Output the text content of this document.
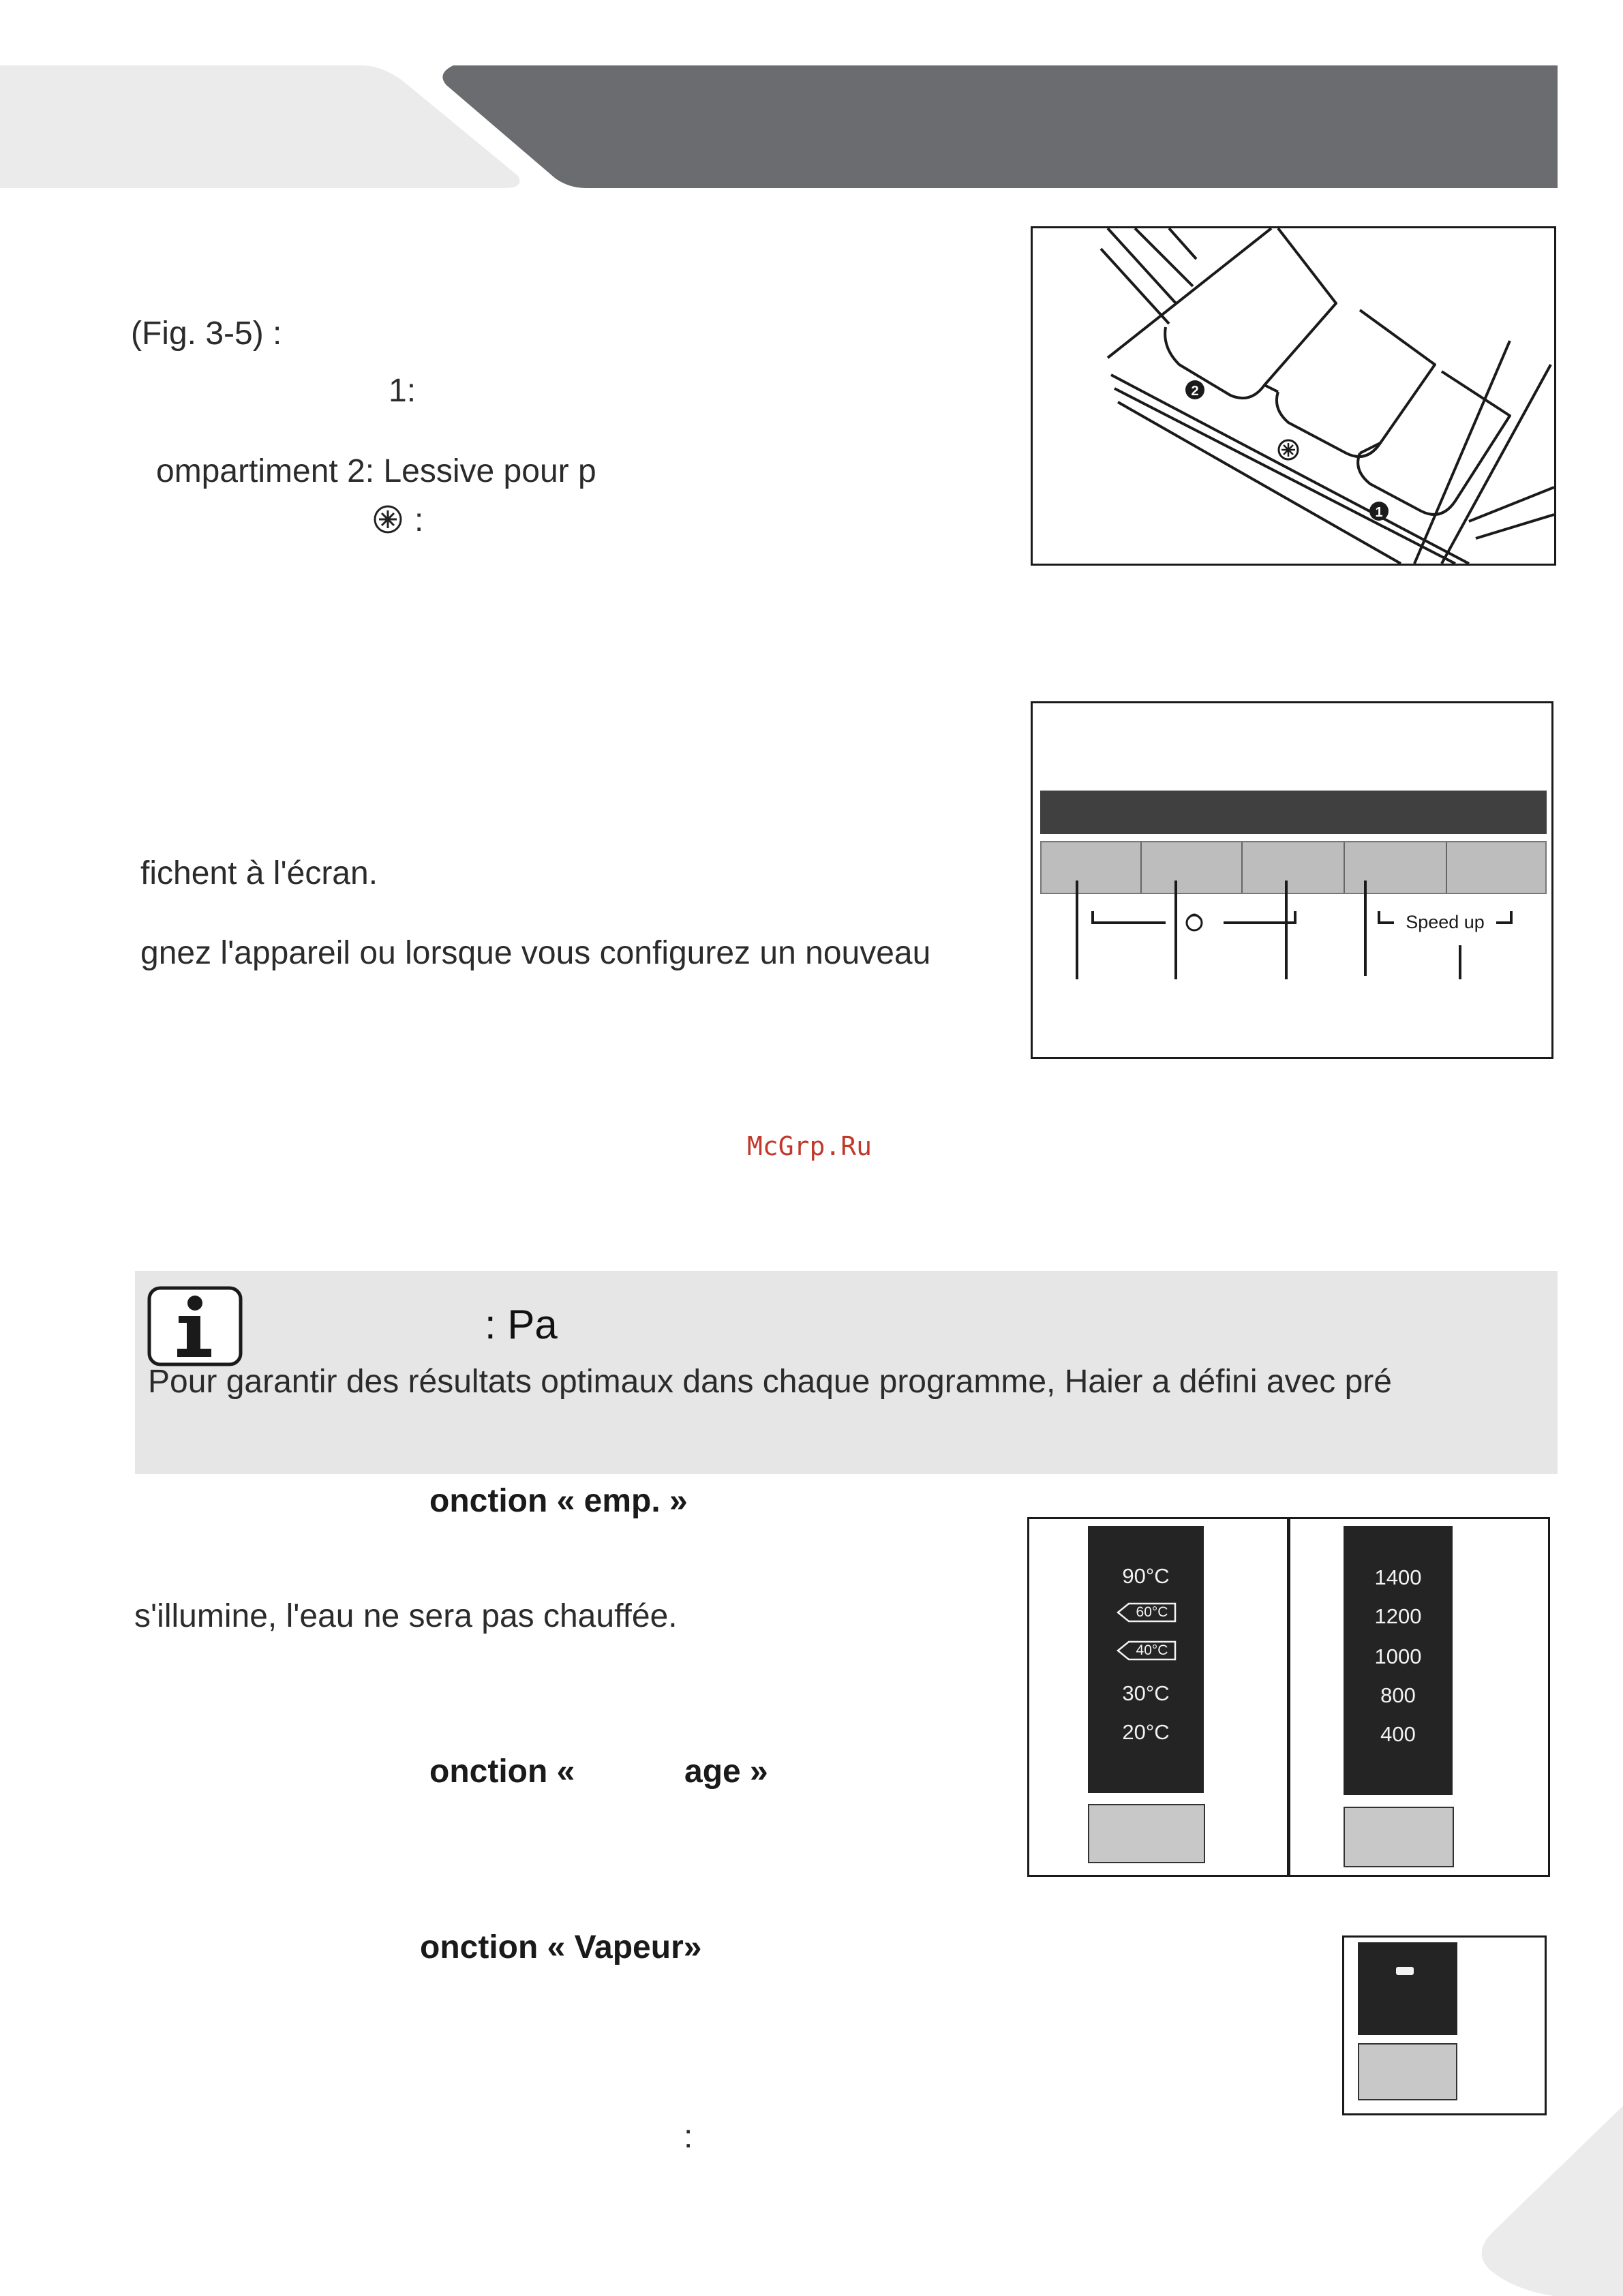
(Fig. 3-5) :
1:
ompartiment 2: Lessive pour p
:
2
1
fichent à l'écran.
gnez l'appareil ou lorsque vous configurez un nouveau
Speed up
McGrp.Ru
: Pa
Pour garantir des résultats optimaux dans chaque programme, Haier a défini avec pré
onction « emp. »
s'illumine, l'eau ne sera pas chauffée.
onction «	age »
onction « Vapeur»
:
90°C
60°C
40°C
30°C
20°C
1400
1200
1000
800
400
